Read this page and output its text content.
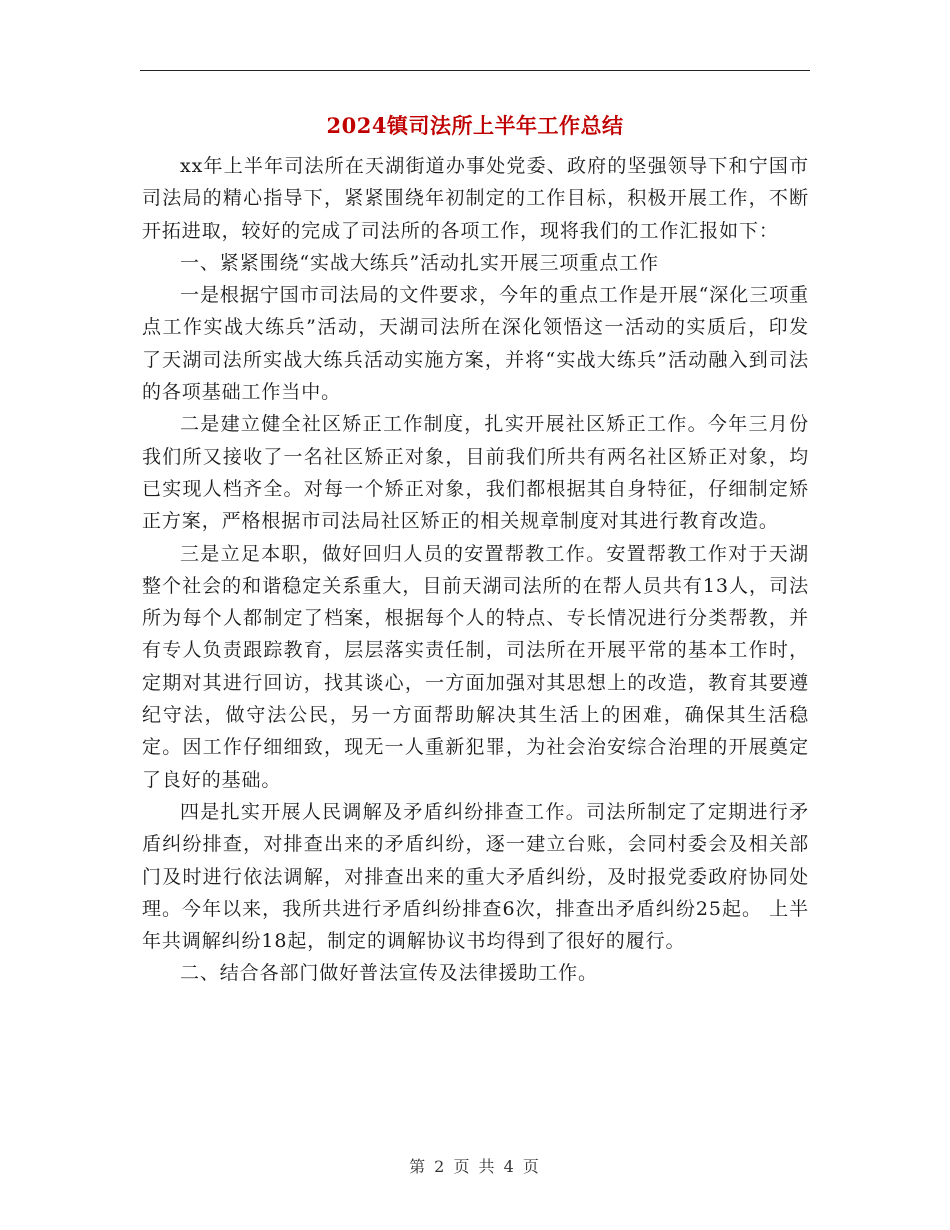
2024镇司法所上半年工作总结

xx年上半年司法所在天湖街道办事处党委、政府的坚强领导下和宁国市司法局的精心指导下，紧紧围绕年初制定的工作目标，积极开展工作，不断开拓进取，较好的完成了司法所的各项工作，现将我们的工作汇报如下：

一、紧紧围绕“实战大练兵”活动扎实开展三项重点工作

一是根据宁国市司法局的文件要求，今年的重点工作是开展“深化三项重点工作实战大练兵”活动，天湖司法所在深化领悟这一活动的实质后，印发了天湖司法所实战大练兵活动实施方案，并将“实战大练兵”活动融入到司法的各项基础工作当中。

二是建立健全社区矫正工作制度，扎实开展社区矫正工作。今年三月份我们所又接收了一名社区矫正对象，目前我们所共有两名社区矫正对象，均已实现人档齐全。对每一个矫正对象，我们都根据其自身特征，仔细制定矫正方案，严格根据市司法局社区矫正的相关规章制度对其进行教育改造。

三是立足本职，做好回归人员的安置帮教工作。安置帮教工作对于天湖整个社会的和谐稳定关系重大，目前天湖司法所的在帮人员共有13人，司法所为每个人都制定了档案，根据每个人的特点、专长情况进行分类帮教，并有专人负责跟踪教育，层层落实责任制，司法所在开展平常的基本工作时，定期对其进行回访，找其谈心，一方面加强对其思想上的改造，教育其要遵纪守法，做守法公民，另一方面帮助解决其生活上的困难，确保其生活稳定。因工作仔细细致，现无一人重新犯罪，为社会治安综合治理的开展奠定了良好的基础。

四是扎实开展人民调解及矛盾纠纷排查工作。司法所制定了定期进行矛盾纠纷排查，对排查出来的矛盾纠纷，逐一建立台账，会同村委会及相关部门及时进行依法调解，对排查出来的重大矛盾纠纷，及时报党委政府协同处理。今年以来，我所共进行矛盾纠纷排查6次，排查出矛盾纠纷25起。 上半年共调解纠纷18起，制定的调解协议书均得到了很好的履行。

二、结合各部门做好普法宣传及法律援助工作。

第 2 页 共 4 页
